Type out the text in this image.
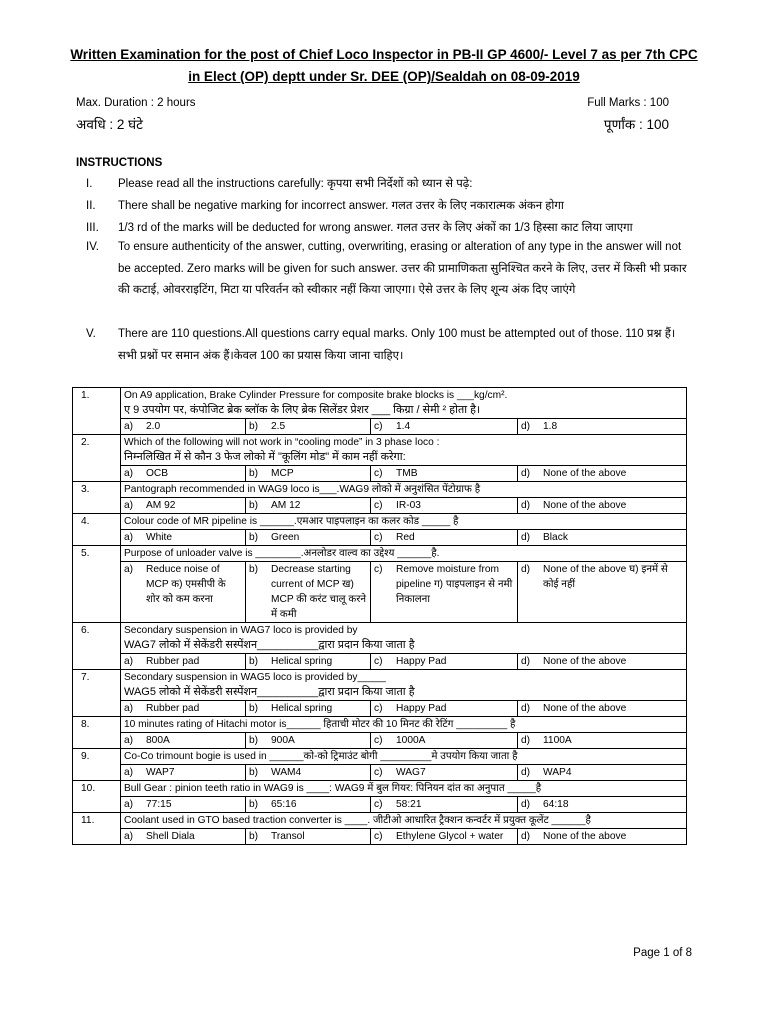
Written Examination for the post of Chief Loco Inspector in PB-II GP 4600/- Level 7 as per 7th CPC
in Elect (OP) deptt under Sr. DEE (OP)/Sealdah on 08-09-2019
Max. Duration : 2 hours	Full Marks : 100
अवधि : 2 घंटे	पूर्णांक : 100
INSTRUCTIONS
I. Please read all the instructions carefully: कृपया सभी निर्देशों को ध्यान से पढ़े:
II. There shall be negative marking for incorrect answer. गलत उत्तर के लिए नकारात्मक अंकन होगा
III. 1/3 rd of the marks will be deducted for wrong answer. गलत उत्तर के लिए अंकों का 1/3 हिस्सा काट लिया जाएगा
IV. To ensure authenticity of the answer, cutting, overwriting, erasing or alteration of any type in the answer will not be accepted. Zero marks will be given for such answer. उत्तर की प्रामाणिकता सुनिश्चित करने के लिए, उत्तर में किसी भी प्रकार की कटाई, ओवरराइटिंग, मिटा या परिवर्तन को स्वीकार नहीं किया जाएगा। ऐसे उत्तर के लिए शून्य अंक दिए जाएंगे
V. There are 110 questions.All questions carry equal marks. Only 100 must be attempted out of those. 110 प्रश्न हैं। सभी प्रश्नों पर समान अंक हैं।केवल 100 का प्रयास किया जाना चाहिए।
1.	On A9 application, Brake Cylinder Pressure for composite brake blocks is ___kg/cm².
ए 9 उपयोग पर, कंपोजिट ब्रेक ब्लॉक के लिए ब्रेक सिलेंडर प्रेशर ___ किग्रा / सेमी ² होता है।			

	a) 2.0	b) 2.5	c) 1.4	d) 1.8

2.	Which of the following will not work in “cooling mode” in 3 phase loco :
निम्नलिखित में से कौन 3 फेज लोको में "कूलिंग मोड" में काम नहीं करेगा:			

	a) OCB	b) MCP	c) TMB	d) None of the above

3.	Pantograph recommended in WAG9 loco is___.WAG9 लोको में अनुशंसित पेंटोग्राफ है			

	a) AM 92	b) AM 12	c) IR-03	d) None of the above

4.	Colour code of MR pipeline is ______.एमआर पाइपलाइन का कलर कोड _____ है			

	a) White	b) Green	c) Red	d) Black

5.	Purpose of unloader valve is ________.अनलोडर वाल्व का उद्देश्य ______है.			

	a) Reduce noise of MCP क) एमसीपी के शोर को कम करना	b) Decrease starting current of MCP ख) MCP की करंट चालू करने में कमी	c) Remove moisture from pipeline ग) पाइपलाइन से नमी निकालना	d) None of the above घ) इनमें से कोई नहीं

6.	Secondary suspension in WAG7 loco is provided by
WAG7 लोको में सेकेंडरी सस्पेंशन__________द्वारा प्रदान किया जाता है			

	a) Rubber pad	b) Helical spring	c) Happy Pad	d) None of the above

7.	Secondary suspension in WAG5 loco is provided by_____
WAG5 लोको में सेकेंडरी सस्पेंशन__________द्वारा प्रदान किया जाता है			

	a) Rubber pad	b) Helical spring	c) Happy Pad	d) None of the above

8.	10 minutes rating of Hitachi motor is______ हिताची मोटर की 10 मिनट की रेटिंग _________ है			

	a) 800A	b) 900A	c) 1000A	d) 1100A

9.	Co-Co trimount bogie is used in ______को-को ट्रिमाउंट बोगी _________मे उपयोग किया जाता है			

	a) WAP7	b) WAM4	c) WAG7	d) WAP4

10.	Bull Gear : pinion teeth ratio in WAG9 is ____: WAG9 में बुल गियर: पिनियन दांत का अनुपात _____है			

	a) 77:15	b) 65:16	c) 58:21	d) 64:18

11.	Coolant used in GTO based traction converter is ____. जीटीओ आधारित ट्रैक्शन कन्वर्टर में प्रयुक्त कूलेंट ______है			

	a) Shell Diala	b) Transol	c) Ethylene Glycol + water	d) None of the above
Page 1 of 8
